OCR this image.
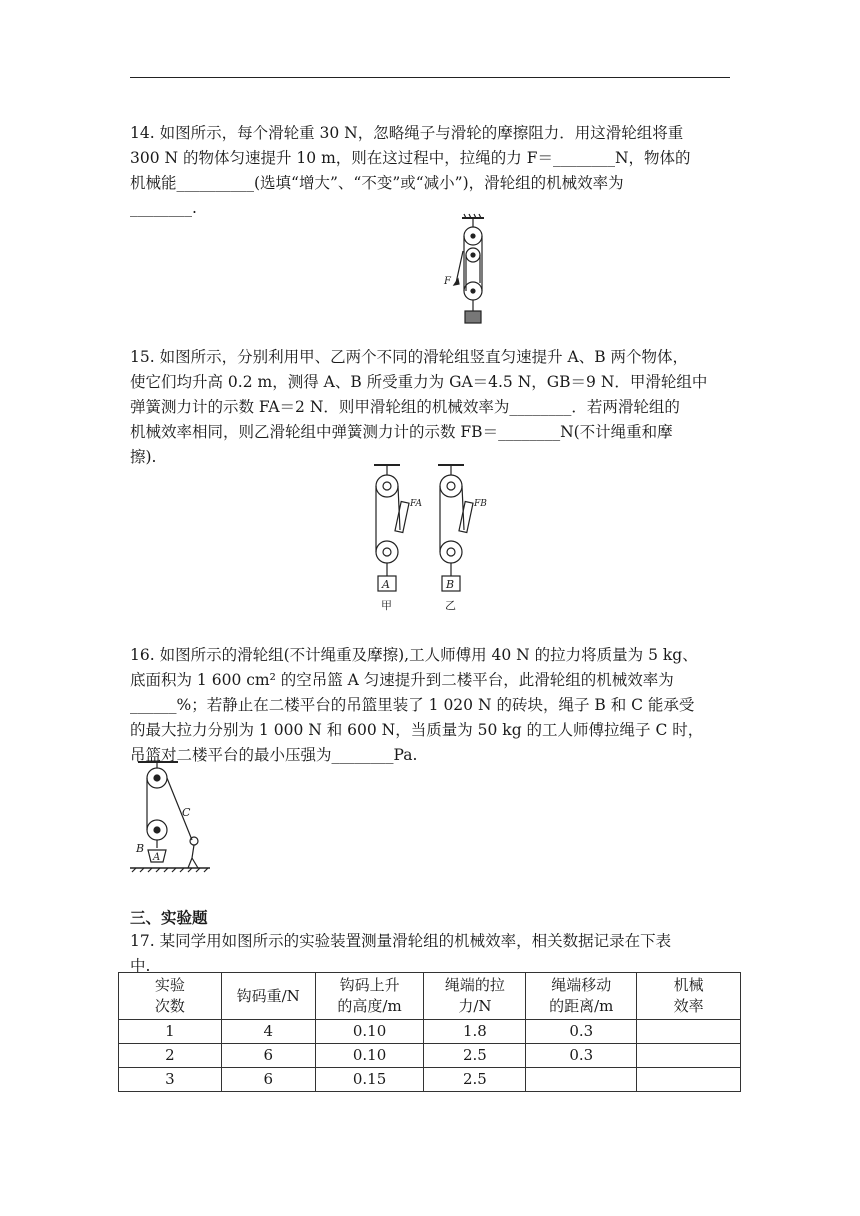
14. 如图所示，每个滑轮重 30 N，忽略绳子与滑轮的摩擦阻力．用这滑轮组将重
300 N 的物体匀速提升 10 m，则在这过程中，拉绳的力 F＝________N，物体的
机械能__________(选填“增大”、“不变”或“减小”)，滑轮组的机械效率为
________.
F
15. 如图所示，分别利用甲、乙两个不同的滑轮组竖直匀速提升 A、B 两个物体，
使它们均升高 0.2 m，测得 A、B 所受重力为 GA＝4.5 N，GB＝9 N．甲滑轮组中
弹簧测力计的示数 FA＝2 N．则甲滑轮组的机械效率为________．若两滑轮组的
机械效率相同，则乙滑轮组中弹簧测力计的示数 FB＝________N(不计绳重和摩
擦).
A	B
FA	FB
甲	乙
16. 如图所示的滑轮组(不计绳重及摩擦),工人师傅用 40 N 的拉力将质量为 5 kg、
底面积为 1 600 cm² 的空吊篮 A 匀速提升到二楼平台，此滑轮组的机械效率为
______%；若静止在二楼平台的吊篮里装了 1 020 N 的砖块，绳子 B 和 C 能承受
的最大拉力分别为 1 000 N 和 600 N，当质量为 50 kg 的工人师傅拉绳子 C 时，
吊篮对二楼平台的最小压强为________Pa.
C
B
A
三、实验题
17. 某同学用如图所示的实验装置测量滑轮组的机械效率，相关数据记录在下表
中.
实验
次数	钩码重/N	钩码上升
的高度/m	绳端的拉
力/N	绳端移动
的距离/m	机械
效率

1	4	0.10	1.8	0.3	
2	6	0.10	2.5	0.3	
3	6	0.15	2.5		
